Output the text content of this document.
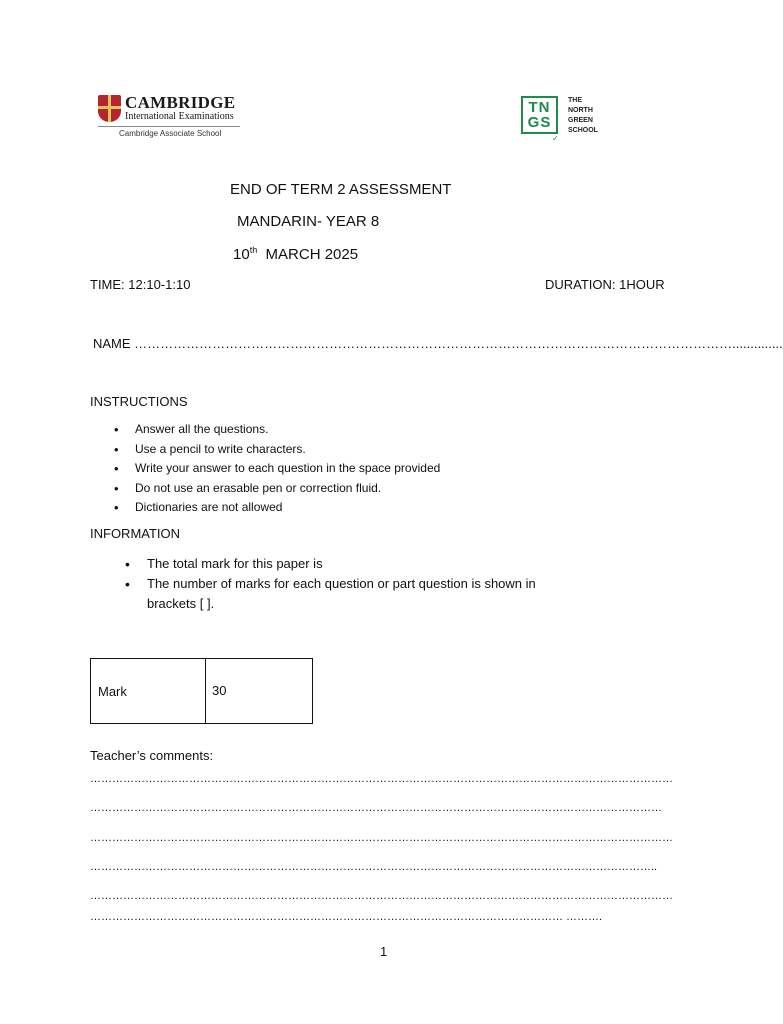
CAMBRIDGE
International Examinations
Cambridge Associate School
TN
GS
✓
THE
NORTH
GREEN
SCHOOL
END OF TERM 2 ASSESSMENT
MANDARIN- YEAR 8
10th MARCH 2025
TIME: 12:10-1:10	DURATION: 1HOUR
NAME …………………………………………………………………………………………………………………………..............
INSTRUCTIONS
• Answer all the questions.
• Use a pencil to write characters.
• Write your answer to each question in the space provided
• Do not use an erasable pen or correction fluid.
• Dictionaries are not allowed
INFORMATION
• The total mark for this paper is
• The number of marks for each question or part question is shown in brackets [ ].
Mark	30
Teacher’s comments:
……………………………………………………………………………………………………………………………………………
…………………………………………………………………………………………………………………………………………
……………………………………………………………………………………………………………………………………………
………………………………………………………………………………………………………………………………………..
……………………………………………………………………………………………………………………………………………
………………………………………………………………………………………………………………… ……….
1
